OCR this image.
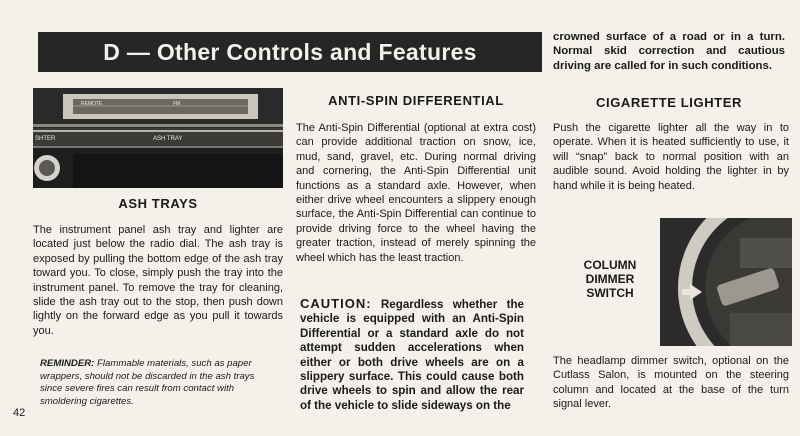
D — Other Controls and Features
REMOTE	FM
SHTER	ASH TRAY
ASH TRAYS

The instrument panel ash tray and lighter are located just below the radio dial. The ash tray is exposed by pulling the bottom edge of the ash tray toward you. To close, simply push the tray into the instrument panel. To remove the tray for cleaning, slide the ash tray out to the stop, then push down lightly on the forward edge as you pull it towards you.

REMINDER: Flammable materials, such as paper wrappers, should not be discarded in the ash trays since severe fires can result from contact with smoldering cigarettes.
42
ANTI-SPIN DIFFERENTIAL

The Anti-Spin Differential (optional at extra cost) can provide additional traction on snow, ice, mud, sand, gravel, etc. During normal driving and cornering, the Anti-Spin Differential unit functions as a standard axle. However, when either drive wheel encounters a slippery enough surface, the Anti-Spin Differential can continue to provide driving force to the wheel having the greater traction, instead of merely spinning the wheel which has the least traction.

CAUTION: Regardless whether the vehicle is equipped with an Anti-Spin Differential or a standard axle do not attempt sudden accelerations when either or both drive wheels are on a slippery surface. This could cause both drive wheels to spin and allow the rear of the vehicle to slide sideways on the
crowned surface of a road or in a turn. Normal skid correction and cautious driving are called for in such conditions.
CIGARETTE LIGHTER

Push the cigarette lighter all the way in to operate. When it is heated sufficiently to use, it will “snap” back to normal position with an audible sound. Avoid holding the lighter in by hand while it is being heated.

COLUMN DIMMER SWITCH

The headlamp dimmer switch, optional on the Cutlass Salon, is mounted on the steering column and located at the base of the turn signal lever.
